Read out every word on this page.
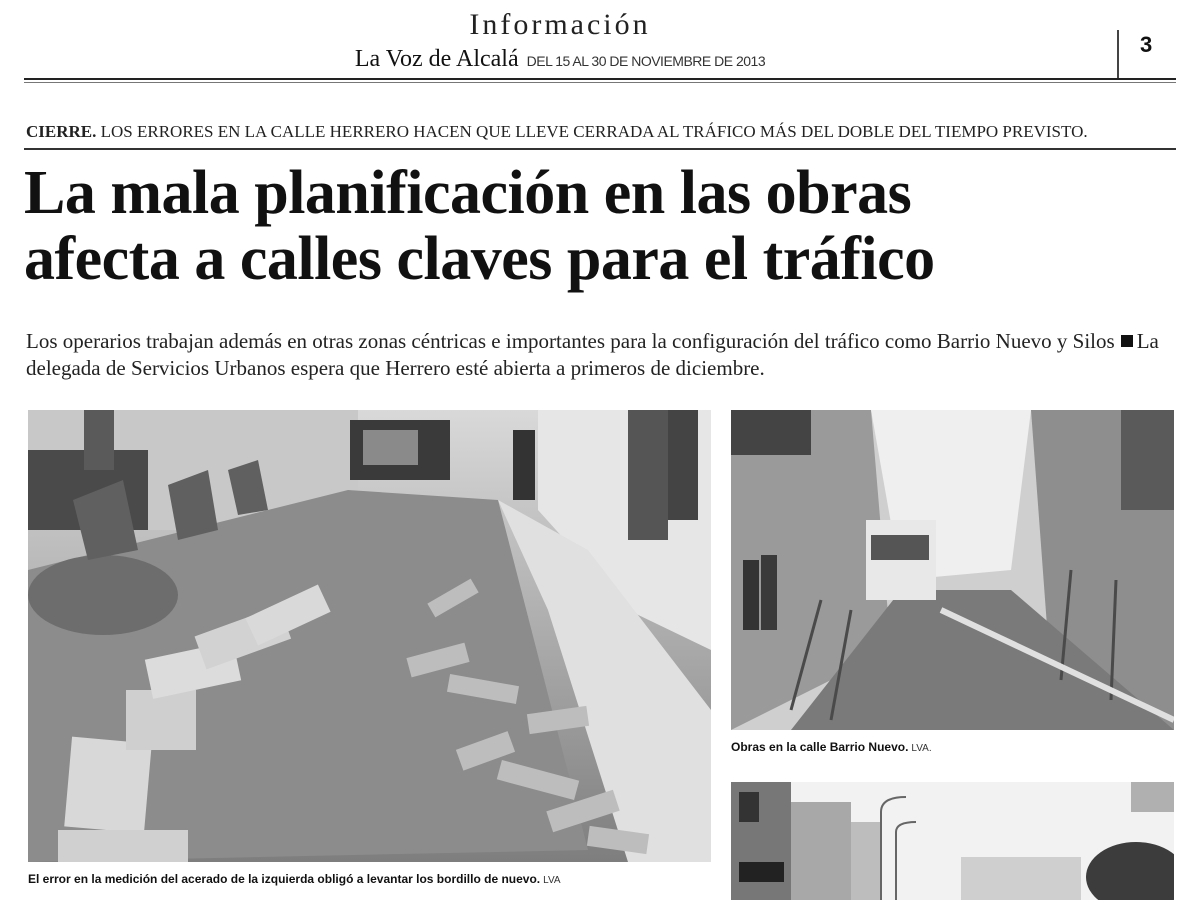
Información
La Voz de Alcalá DEL 15 AL 30 DE NOVIEMBRE DE 2013
3
CIERRE. LOS ERRORES EN LA CALLE HERRERO HACEN QUE LLEVE CERRADA AL TRÁFICO MÁS DEL DOBLE DEL TIEMPO PREVISTO.
La mala planificación en las obras
afecta a calles claves para el tráfico
Los operarios trabajan además en otras zonas céntricas e importantes para la configuración del tráfico como Barrio Nuevo y Silos La delegada de Servicios Urbanos espera que Herrero esté abierta a primeros de diciembre.
El error en la medición del acerado de la izquierda obligó a levantar los bordillo de nuevo. LVA
Obras en la calle Barrio Nuevo. LVA.
